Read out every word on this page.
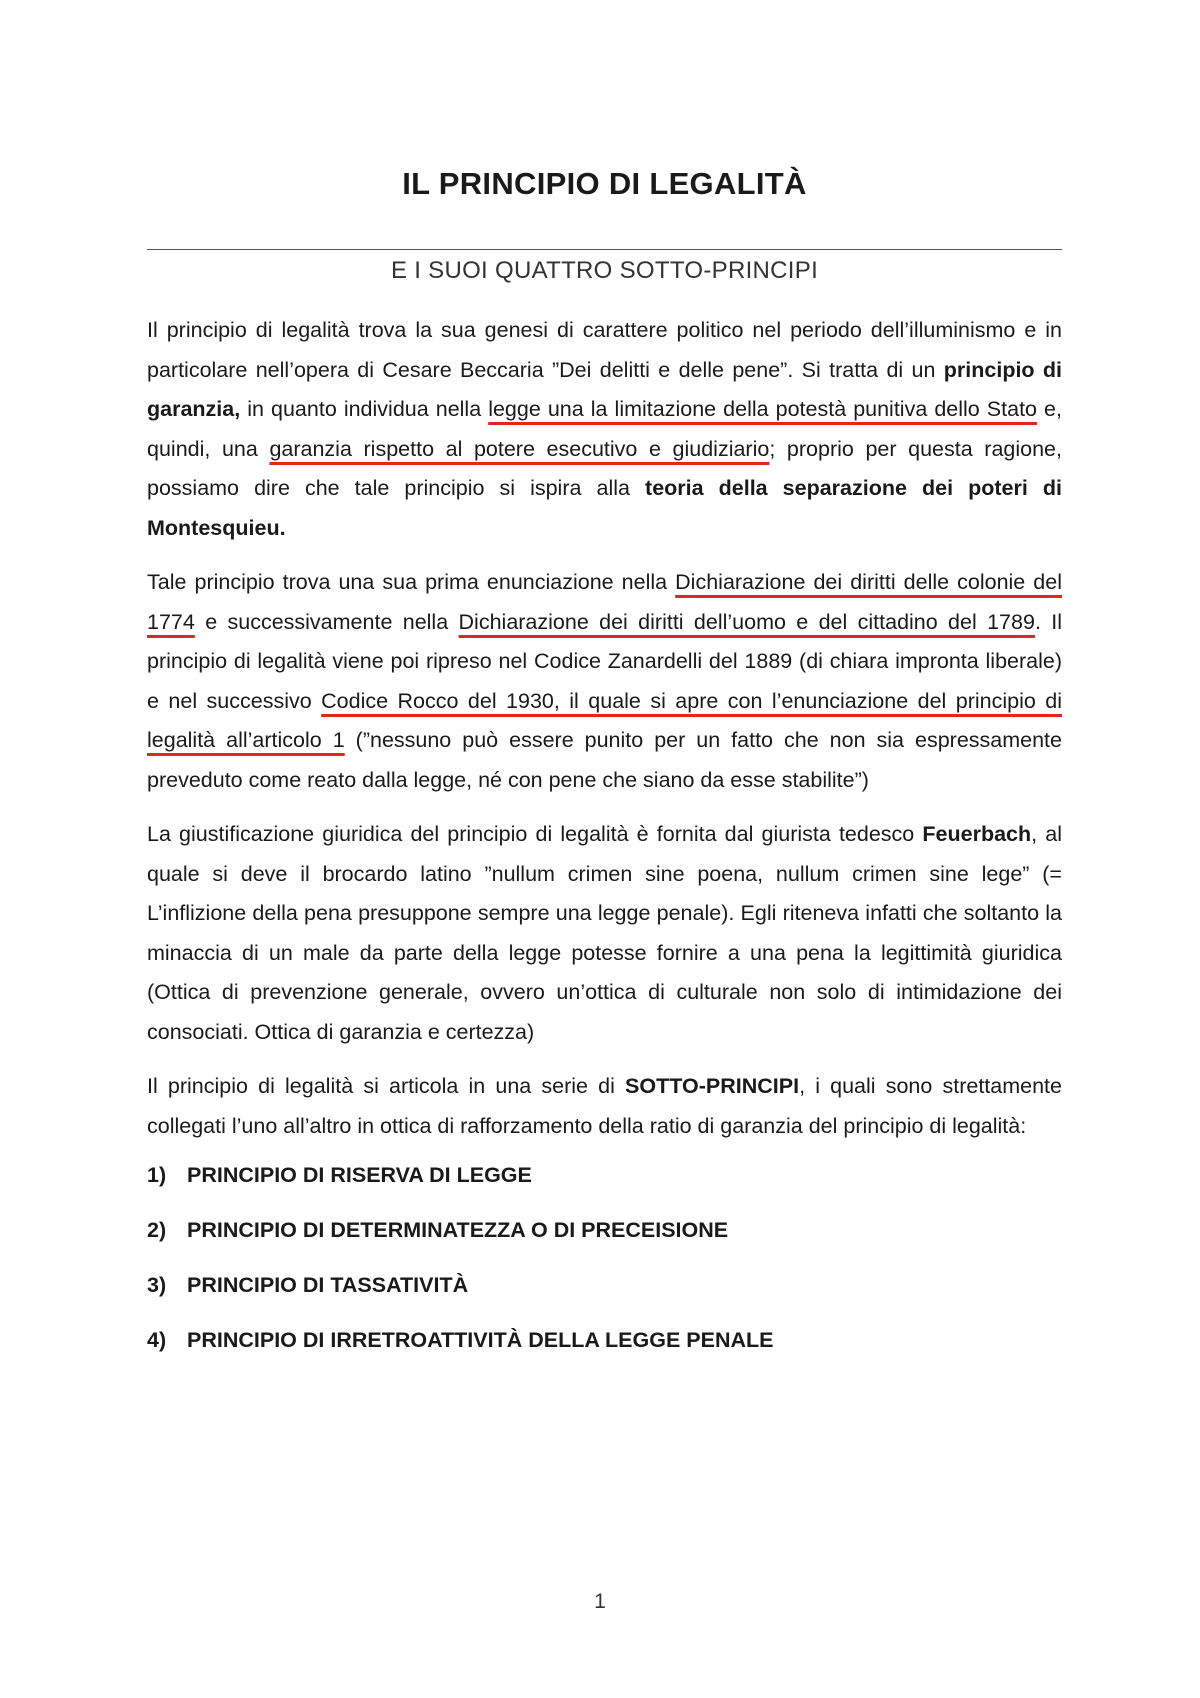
IL PRINCIPIO DI LEGALITÀ
E I SUOI QUATTRO SOTTO-PRINCIPI

Il principio di legalità trova la sua genesi di carattere politico nel periodo dell’illuminismo e in particolare nell’opera di Cesare Beccaria ”Dei delitti e delle pene”. Si tratta di un principio di garanzia, in quanto individua nella legge una la limitazione della potestà punitiva dello Stato e, quindi, una garanzia rispetto al potere esecutivo e giudiziario; proprio per questa ragione, possiamo dire che tale principio si ispira alla teoria della separazione dei poteri di Montesquieu.

Tale principio trova una sua prima enunciazione nella Dichiarazione dei diritti delle colonie del 1774 e successivamente nella Dichiarazione dei diritti dell’uomo e del cittadino del 1789. Il principio di legalità viene poi ripreso nel Codice Zanardelli del 1889 (di chiara impronta liberale) e nel successivo Codice Rocco del 1930, il quale si apre con l’enunciazione del principio di legalità all’articolo 1 (”nessuno può essere punito per un fatto che non sia espressamente preveduto come reato dalla legge, né con pene che siano da esse stabilite”)

La giustificazione giuridica del principio di legalità è fornita dal giurista tedesco Feuerbach, al quale si deve il brocardo latino ”nullum crimen sine poena, nullum crimen sine lege” (= L’inflizione della pena presuppone sempre una legge penale). Egli riteneva infatti che soltanto la minaccia di un male da parte della legge potesse fornire a una pena la legittimità giuridica (Ottica di prevenzione generale, ovvero un’ottica di culturale non solo di intimidazione dei consociati. Ottica di garanzia e certezza)

Il principio di legalità si articola in una serie di SOTTO-PRINCIPI, i quali sono strettamente collegati l’uno all’altro in ottica di rafforzamento della ratio di garanzia del principio di legalità:

1) PRINCIPIO DI RISERVA DI LEGGE
2) PRINCIPIO DI DETERMINATEZZA O DI PRECEISIONE
3) PRINCIPIO DI TASSATIVITÀ
4) PRINCIPIO DI IRRETROATTIVITÀ DELLA LEGGE PENALE
1
